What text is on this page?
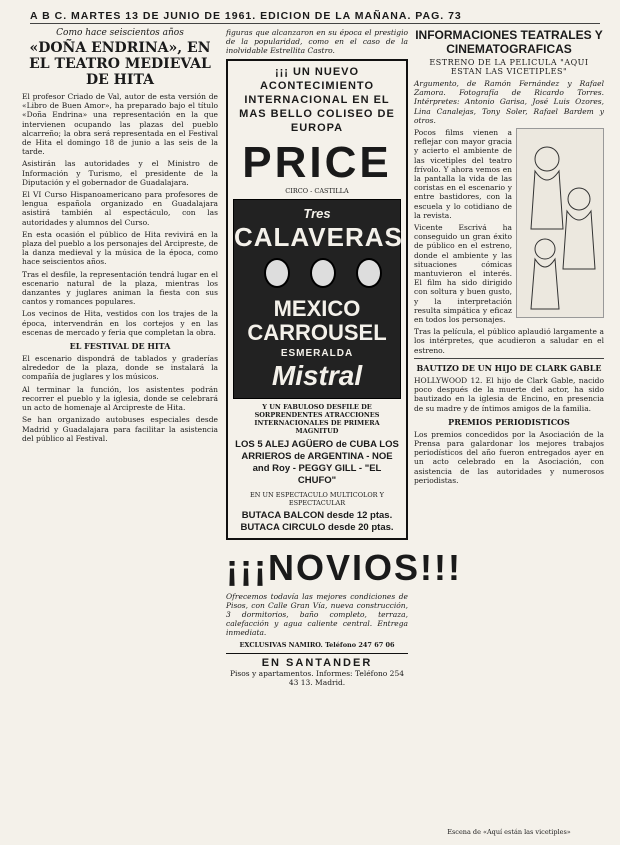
A B C. MARTES 13 DE JUNIO DE 1961. EDICION DE LA MAÑANA. PAG. 73
Como hace seiscientos años
«DOÑA ENDRINA», EN EL TEATRO MEDIEVAL DE HITA

El profesor Criado de Val, autor de esta versión de «Libro de Buen Amor», ha preparado bajo el título «Doña Endrina» una representación en la que intervienen ocupando las plazas del pueblo alcarreño; la obra será representada en el Festival de Hita el domingo 18 de junio a las seis de la tarde.

Asistirán las autoridades y el Ministro de Información y Turismo, el presidente de la Diputación y el gobernador de Guadalajara.

El VI Curso Hispanoamericano para profesores de lengua española organizado en Guadalajara asistirá también al espectáculo, con las autoridades y alumnos del Curso.

En esta ocasión el público de Hita revivirá en la plaza del pueblo a los personajes del Arcipreste, de la danza medieval y la música de la época, como hace seiscientos años.

Tras el desfile, la representación tendrá lugar en el escenario natural de la plaza, mientras los danzantes y juglares animan la fiesta con sus cantos y romances populares.

Los vecinos de Hita, vestidos con los trajes de la época, intervendrán en los cortejos y en las escenas de mercado y feria que completan la obra.

EL FESTIVAL DE HITA

El escenario dispondrá de tablados y graderías alrededor de la plaza, donde se instalará la compañía de juglares y los músicos.

Al terminar la función, los asistentes podrán recorrer el pueblo y la iglesia, donde se celebrará un acto de homenaje al Arcipreste de Hita.

Se han organizado autobuses especiales desde Madrid y Guadalajara para facilitar la asistencia del público al Festival.

figuras que alcanzaron en su época el prestigio de la popularidad, como en el caso de la inolvidable Estrellita Castro.

¡¡¡ UN NUEVO ACONTECIMIENTO INTERNACIONAL EN EL MAS BELLO COLISEO DE EUROPA
PRICE
CIRCO - CASTILLA
Tres
CALAVERAS
MEXICO
CARROUSEL
ESMERALDA
Mistral
Y UN FABULOSO DESFILE DE SORPRENDENTES ATRACCIONES INTERNACIONALES DE PRIMERA MAGNITUD
LOS 5 ALEJ AGÜERO de CUBA LOS ARRIEROS de ARGENTINA - NOE and Roy - PEGGY GILL - "EL CHUFO"
EN UN ESPECTACULO MULTICOLOR Y ESPECTACULAR
BUTACA BALCON desde 12 ptas.
BUTACA CIRCULO desde 20 ptas.
¡¡¡NOVIOS!!!

Ofrecemos todavía las mejores condiciones de Pisos, con Calle Gran Vía, nueva construcción, 3 dormitorios, baño completo, terraza, calefacción y agua caliente central. Entrega inmediata.

EXCLUSIVAS NAMIRO. Teléfono 247 67 06
EN SANTANDER

Pisos y apartamentos. Informes: Teléfono 254 43 13. Madrid.

INFORMACIONES TEATRALES Y CINEMATOGRAFICAS
ESTRENO DE LA PELICULA "AQUI ESTAN LAS VICETIPLES"

Argumento, de Ramón Fernández y Rafael Zamora. Fotografía de Ricardo Torres. Intérpretes: Antonio Garisa, José Luis Ozores, Lina Canalejas, Tony Soler, Rafael Bardem y otros.

Pocos films vienen a reflejar con mayor gracia y acierto el ambiente de las vicetiples del teatro frívolo. Y ahora vemos en la pantalla la vida de las coristas en el escenario y entre bastidores, con la escuela y lo cotidiano de la revista.

Vicente Escrivá ha conseguido un gran éxito de público en el estreno, donde el ambiente y las situaciones cómicas mantuvieron el interés. El film ha sido dirigido con soltura y buen gusto, y la interpretación resulta simpática y eficaz en todos los personajes.

Tras la película, el público aplaudió largamente a los intérpretes, que acudieron a saludar en el estreno.

BAUTIZO DE UN HIJO DE CLARK GABLE

HOLLYWOOD 12. El hijo de Clark Gable, nacido poco después de la muerte del actor, ha sido bautizado en la iglesia de Encino, en presencia de su madre y de íntimos amigos de la familia.

PREMIOS PERIODISTICOS

Los premios concedidos por la Asociación de la Prensa para galardonar los mejores trabajos periodísticos del año fueron entregados ayer en un acto celebrado en la Asociación, con asistencia de las autoridades y numerosos periodistas.

Escena de «Aquí están las vicetiples»
